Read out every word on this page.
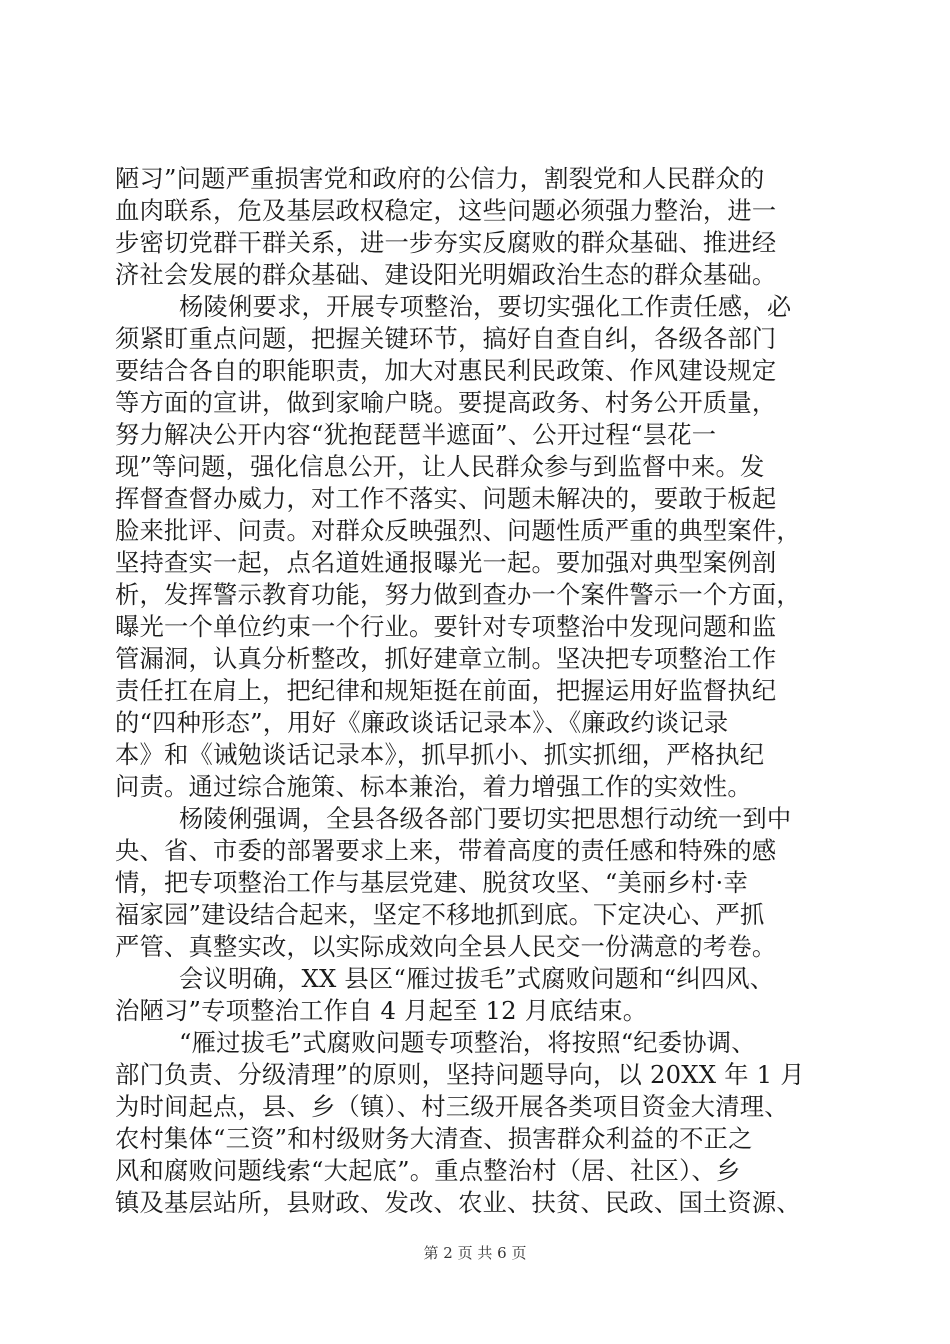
陋习”问题严重损害党和政府的公信力，割裂党和人民群众的
血肉联系，危及基层政权稳定，这些问题必须强力整治，进一
步密切党群干群关系，进一步夯实反腐败的群众基础、推进经
济社会发展的群众基础、建设阳光明媚政治生态的群众基础。
杨陵俐要求，开展专项整治，要切实强化工作责任感，必
须紧盯重点问题，把握关键环节，搞好自查自纠，各级各部门
要结合各自的职能职责，加大对惠民利民政策、作风建设规定
等方面的宣讲，做到家喻户晓。要提高政务、村务公开质量，
努力解决公开内容“犹抱琵琶半遮面”、公开过程“昙花一
现”等问题，强化信息公开，让人民群众参与到监督中来。发
挥督查督办威力，对工作不落实、问题未解决的，要敢于板起
脸来批评、问责。对群众反映强烈、问题性质严重的典型案件，
坚持查实一起，点名道姓通报曝光一起。要加强对典型案例剖
析，发挥警示教育功能，努力做到查办一个案件警示一个方面，
曝光一个单位约束一个行业。要针对专项整治中发现问题和监
管漏洞，认真分析整改，抓好建章立制。坚决把专项整治工作
责任扛在肩上，把纪律和规矩挺在前面，把握运用好监督执纪
的“四种形态”，用好《廉政谈话记录本》、《廉政约谈记录
本》和《诫勉谈话记录本》，抓早抓小、抓实抓细，严格执纪
问责。通过综合施策、标本兼治，着力增强工作的实效性。
杨陵俐强调，全县各级各部门要切实把思想行动统一到中
央、省、市委的部署要求上来，带着高度的责任感和特殊的感
情，把专项整治工作与基层党建、脱贫攻坚、“美丽乡村·幸
福家园”建设结合起来，坚定不移地抓到底。下定决心、严抓
严管、真整实改，以实际成效向全县人民交一份满意的考卷。
会议明确，XX 县区“雁过拔毛”式腐败问题和“纠四风、
治陋习”专项整治工作自 4 月起至 12 月底结束。
“雁过拔毛”式腐败问题专项整治，将按照“纪委协调、
部门负责、分级清理”的原则，坚持问题导向，以 20XX 年 1 月
为时间起点，县、乡（镇）、村三级开展各类项目资金大清理、
农村集体“三资”和村级财务大清查、损害群众利益的不正之
风和腐败问题线索“大起底”。重点整治村（居、社区）、乡
镇及基层站所，县财政、发改、农业、扶贫、民政、国土资源、
第 2 页 共 6 页
